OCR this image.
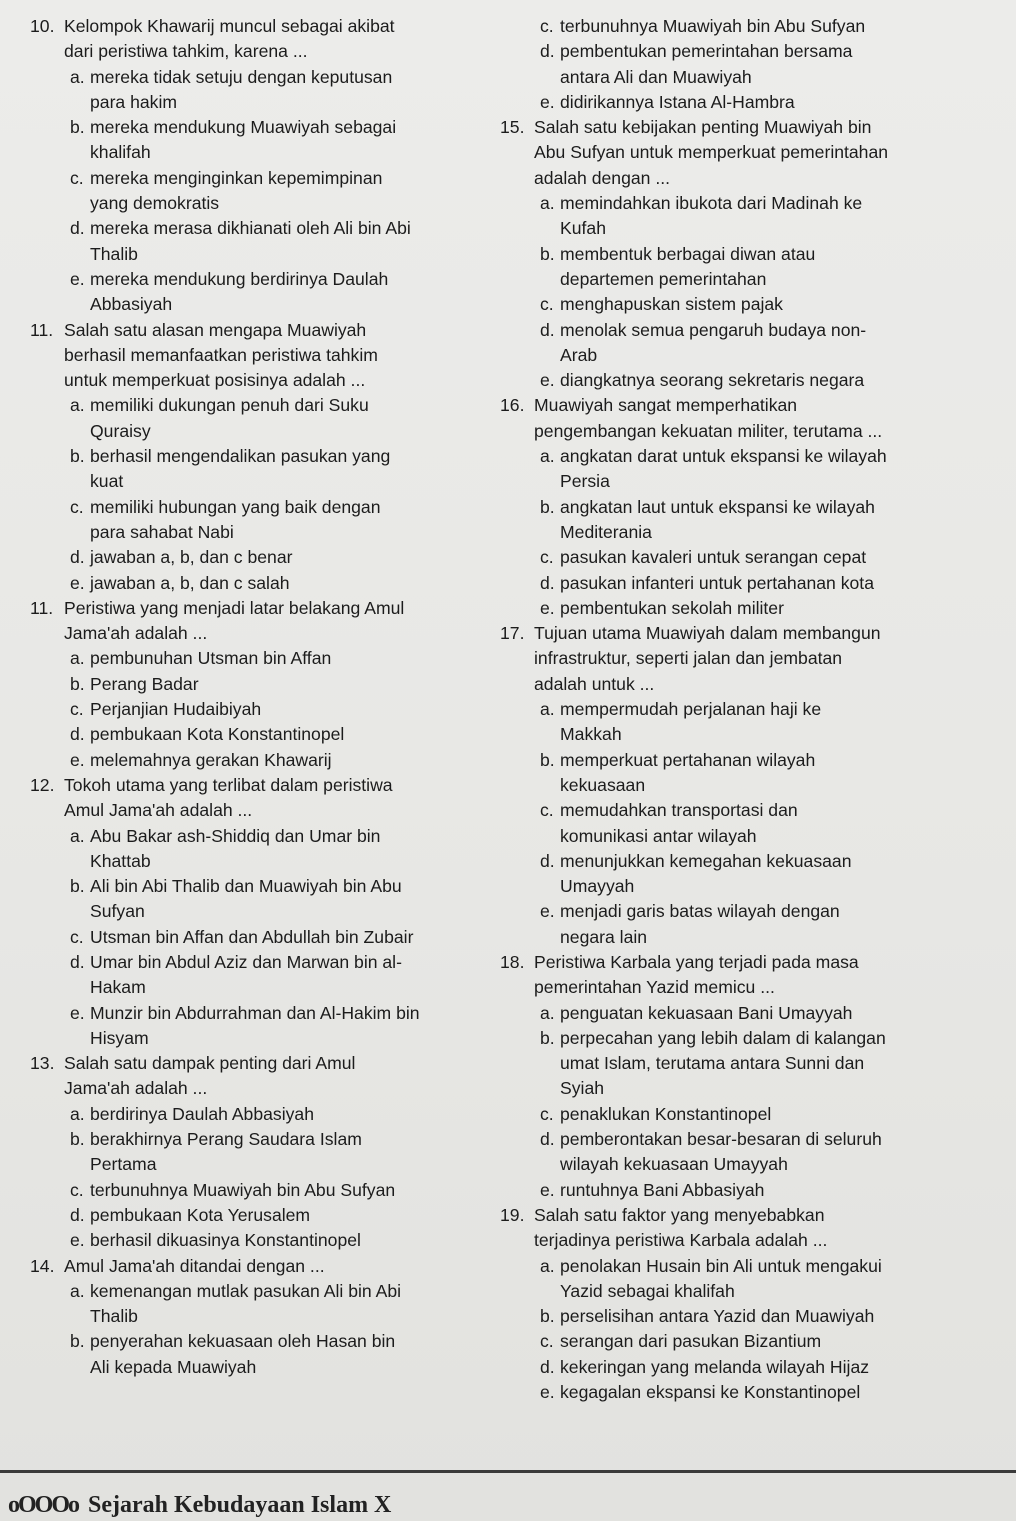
10. Kelompok Khawarij muncul sebagai akibat
dari peristiwa tahkim, karena ...
a. mereka tidak setuju dengan keputusan
para hakim
b. mereka mendukung Muawiyah sebagai
khalifah
c. mereka menginginkan kepemimpinan
yang demokratis
d. mereka merasa dikhianati oleh Ali bin Abi
Thalib
e. mereka mendukung berdirinya Daulah
Abbasiyah
11. Salah satu alasan mengapa Muawiyah
berhasil memanfaatkan peristiwa tahkim
untuk memperkuat posisinya adalah ...
a. memiliki dukungan penuh dari Suku
Quraisy
b. berhasil mengendalikan pasukan yang
kuat
c. memiliki hubungan yang baik dengan
para sahabat Nabi
d. jawaban a, b, dan c benar
e. jawaban a, b, dan c salah
11. Peristiwa yang menjadi latar belakang Amul
Jama'ah adalah ...
a. pembunuhan Utsman bin Affan
b. Perang Badar
c. Perjanjian Hudaibiyah
d. pembukaan Kota Konstantinopel
e. melemahnya gerakan Khawarij
12. Tokoh utama yang terlibat dalam peristiwa
Amul Jama'ah adalah ...
a. Abu Bakar ash-Shiddiq dan Umar bin
Khattab
b. Ali bin Abi Thalib dan Muawiyah bin Abu
Sufyan
c. Utsman bin Affan dan Abdullah bin Zubair
d. Umar bin Abdul Aziz dan Marwan bin al-
Hakam
e. Munzir bin Abdurrahman dan Al-Hakim bin
Hisyam
13. Salah satu dampak penting dari Amul
Jama'ah adalah ...
a. berdirinya Daulah Abbasiyah
b. berakhirnya Perang Saudara Islam
Pertama
c. terbunuhnya Muawiyah bin Abu Sufyan
d. pembukaan Kota Yerusalem
e. berhasil dikuasinya Konstantinopel
14. Amul Jama'ah ditandai dengan ...
a. kemenangan mutlak pasukan Ali bin Abi
Thalib
b. penyerahan kekuasaan oleh Hasan bin
Ali kepada Muawiyah
c. terbunuhnya Muawiyah bin Abu Sufyan
d. pembentukan pemerintahan bersama
antara Ali dan Muawiyah
e. didirikannya Istana Al-Hambra
15. Salah satu kebijakan penting Muawiyah bin
Abu Sufyan untuk memperkuat pemerintahan
adalah dengan ...
a. memindahkan ibukota dari Madinah ke
Kufah
b. membentuk berbagai diwan atau
departemen pemerintahan
c. menghapuskan sistem pajak
d. menolak semua pengaruh budaya non-
Arab
e. diangkatnya seorang sekretaris negara
16. Muawiyah sangat memperhatikan
pengembangan kekuatan militer, terutama ...
a. angkatan darat untuk ekspansi ke wilayah
Persia
b. angkatan laut untuk ekspansi ke wilayah
Mediterania
c. pasukan kavaleri untuk serangan cepat
d. pasukan infanteri untuk pertahanan kota
e. pembentukan sekolah militer
17. Tujuan utama Muawiyah dalam membangun
infrastruktur, seperti jalan dan jembatan
adalah untuk ...
a. mempermudah perjalanan haji ke
Makkah
b. memperkuat pertahanan wilayah
kekuasaan
c. memudahkan transportasi dan
komunikasi antar wilayah
d. menunjukkan kemegahan kekuasaan
Umayyah
e. menjadi garis batas wilayah dengan
negara lain
18. Peristiwa Karbala yang terjadi pada masa
pemerintahan Yazid memicu ...
a. penguatan kekuasaan Bani Umayyah
b. perpecahan yang lebih dalam di kalangan
umat Islam, terutama antara Sunni dan
Syiah
c. penaklukan Konstantinopel
d. pemberontakan besar-besaran di seluruh
wilayah kekuasaan Umayyah
e. runtuhnya Bani Abbasiyah
19. Salah satu faktor yang menyebabkan
terjadinya peristiwa Karbala adalah ...
a. penolakan Husain bin Ali untuk mengakui
Yazid sebagai khalifah
b. perselisihan antara Yazid dan Muawiyah
c. serangan dari pasukan Bizantium
d. kekeringan yang melanda wilayah Hijaz
e. kegagalan ekspansi ke Konstantinopel
oOOOo Sejarah Kebudayaan Islam X
